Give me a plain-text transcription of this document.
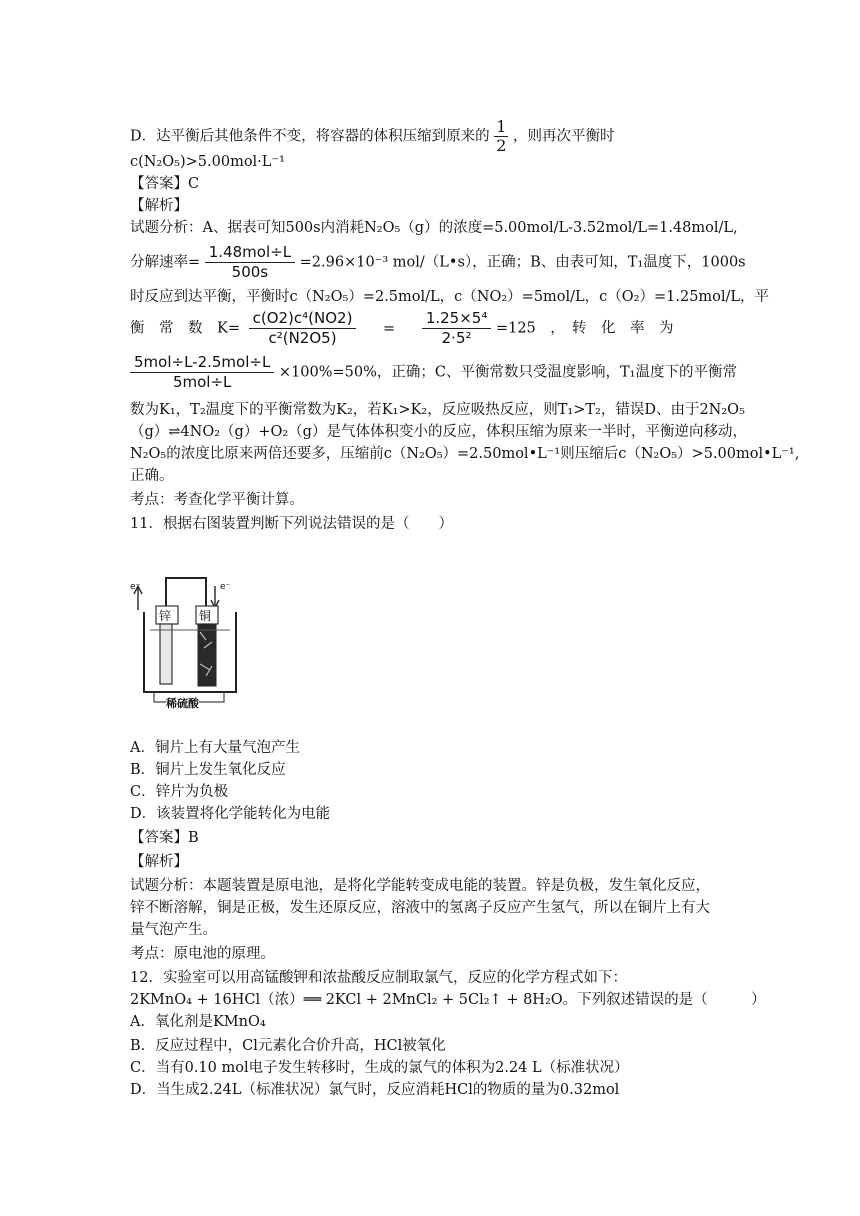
D．达平衡后其他条件不变，将容器的体积压缩到原来的 $\frac{1}{2}$ ，则再次平衡时
c(N₂O₅)>5.00mol·L⁻¹
【答案】C
【解析】
试题分析：A、据表可知500s内消耗N₂O₅（g）的浓度=5.00mol/L-3.52mol/L=1.48mol/L,
分解速率= $\frac{\text{1.48mol÷L}}{500s} =2.96\times 10^{-3}$ mol/（L•s），正确；B、由表可知，T₁温度下，1000s
时反应到达平衡，平衡时c（N₂O₅）=2.5mol/L，c（NO₂）=5mol/L，c（O₂）=1.25mol/L，平
衡　常　数　$K= \frac{\text{c(O2)c⁴(NO2)}}{\text{c²(N2O5)}} = \frac{\text{1.25×5⁴}}{\text{2·5²}} =125$　，　转　化　率　为
$\frac{\text{5mol÷L-2.5mol÷L}}{\text{5mol÷L}} \times 100\%=50\%$，正确；C、平衡常数只受温度影响，T₁温度下的平衡常
数为K₁，T₂温度下的平衡常数为K₂，若K₁>K₂，反应吸热反应，则T₁>T₂，错误D、由于2N₂O₅
（g）⇌4NO₂（g）+O₂（g）是气体体积变小的反应，体积压缩为原来一半时，平衡逆向移动，
N₂O₅的浓度比原来两倍还要多，压缩前c（N₂O₅）=2.50mol•L⁻¹则压缩后c（N₂O₅）>5.00mol•L⁻¹,
正确。
考点：考查化学平衡计算。
11．根据右图装置判断下列说法错误的是（　　）
e⁻	e⁻
锌 铜
稀硫酸
A．铜片上有大量气泡产生
B．铜片上发生氧化反应
C．锌片为负极
D．该装置将化学能转化为电能
【答案】B
【解析】
试题分析：本题装置是原电池，是将化学能转变成电能的装置。锌是负极，发生氧化反应，
锌不断溶解，铜是正极，发生还原反应，溶液中的氢离子反应产生氢气，所以在铜片上有大
量气泡产生。
考点：原电池的原理。
12．实验室可以用高锰酸钾和浓盐酸反应制取氯气，反应的化学方程式如下：
2KMnO₄ + 16HCl（浓）══ 2KCl + 2MnCl₂ + 5Cl₂↑ + 8H₂O。下列叙述错误的是（　　　）
A．氧化剂是KMnO₄
B．反应过程中，Cl元素化合价升高，HCl被氧化
C．当有0.10 mol电子发生转移时，生成的氯气的体积为2.24 L（标准状况）
D．当生成2.24L（标准状况）氯气时，反应消耗HCl的物质的量为0.32mol
